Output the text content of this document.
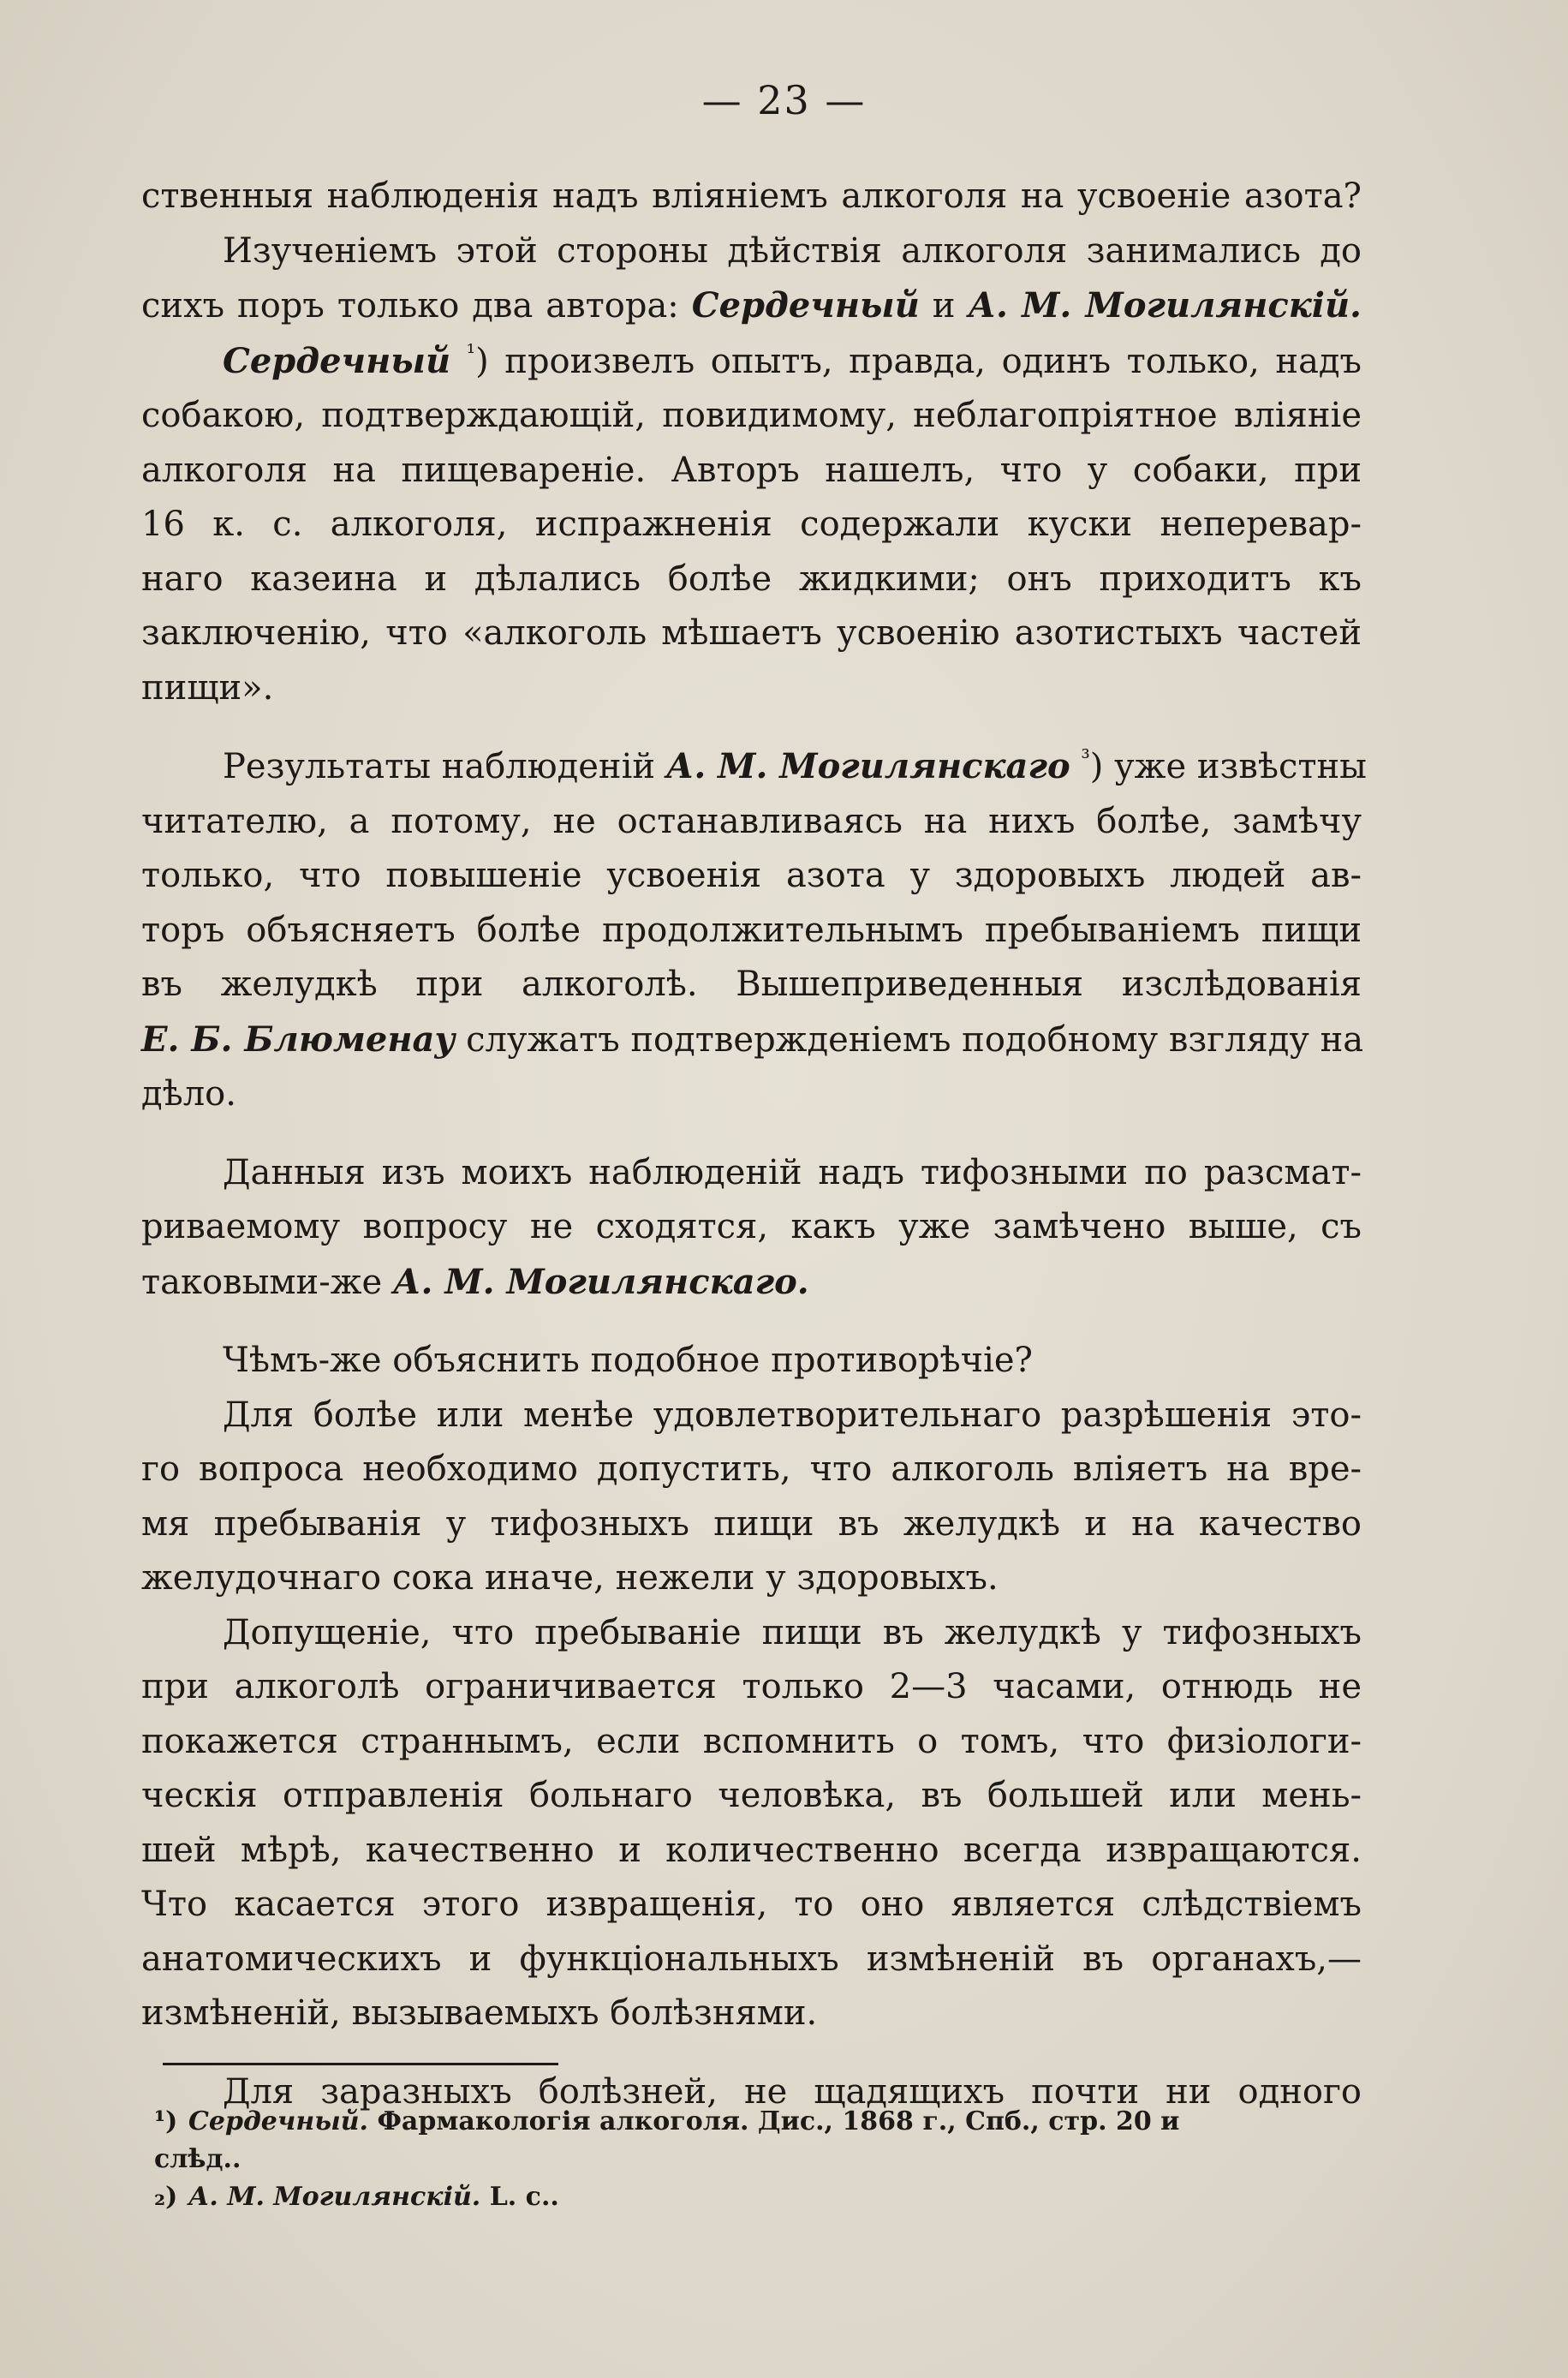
— 23 —
ственныя наблюденія надъ вліяніемъ алкоголя на усвоеніе азота?
Изученіемъ этой стороны дѣйствія алкоголя занимались до
сихъ поръ только два автора: Сердечный и А. М. Могилянскій.
Сердечный $^{^1}$) произвелъ опытъ, правда, одинъ только, надъ
собакою, подтверждающій, повидимому, неблагопріятное вліяніе
алкоголя на пищевареніе. Авторъ нашелъ, что у собаки, при
16 к. с. алкоголя, испражненія содержали куски неперевар-
наго казеина и дѣлались болѣе жидкими; онъ приходитъ къ
заключенію, что «алкоголь мѣшаетъ усвоенію азотистыхъ частей
пищи».
Результаты наблюденій А. М. Могилянскаго $^{^3}$) уже извѣстны
читателю, а потому, не останавливаясь на нихъ болѣе, замѣчу
только, что повышеніе усвоенія азота у здоровыхъ людей ав-
торъ объясняетъ болѣе продолжительнымъ пребываніемъ пищи
въ желудкѣ при алкоголѣ. Вышеприведенныя изслѣдованія
Е. Б. Блюменау служатъ подтвержденіемъ подобному взгляду на
дѣло.
Данныя изъ моихъ наблюденій надъ тифозными по разсмат-
риваемому вопросу не сходятся, какъ уже замѣчено выше, съ
таковыми-же А. М. Могилянскаго.
Чѣмъ-же объяснить подобное противорѣчіе?
Для болѣе или менѣе удовлетворительнаго разрѣшенія это-
го вопроса необходимо допустить, что алкоголь вліяетъ на вре-
мя пребыванія у тифозныхъ пищи въ желудкѣ и на качество
желудочнаго сока иначе, нежели у здоровыхъ.
Допущеніе, что пребываніе пищи въ желудкѣ у тифозныхъ
при алкоголѣ ограничивается только 2—3 часами, отнюдь не
покажется страннымъ, если вспомнить о томъ, что физіологи-
ческія отправленія больнаго человѣка, въ большей или мень-
шей мѣрѣ, качественно и количественно всегда извращаются.
Что касается этого извращенія, то оно является слѣдствіемъ
анатомическихъ и функціональныхъ измѣненій въ органахъ,—
измѣненій, вызываемыхъ болѣзнями.
Для заразныхъ болѣзней, не щадящихъ почти ни одного

¹) Сердечный. Фармакологія алкоголя. Дис., 1868 г., Спб., стр. 20 и

слѣд..

₂) А. М. Могилянскій. L. c..
